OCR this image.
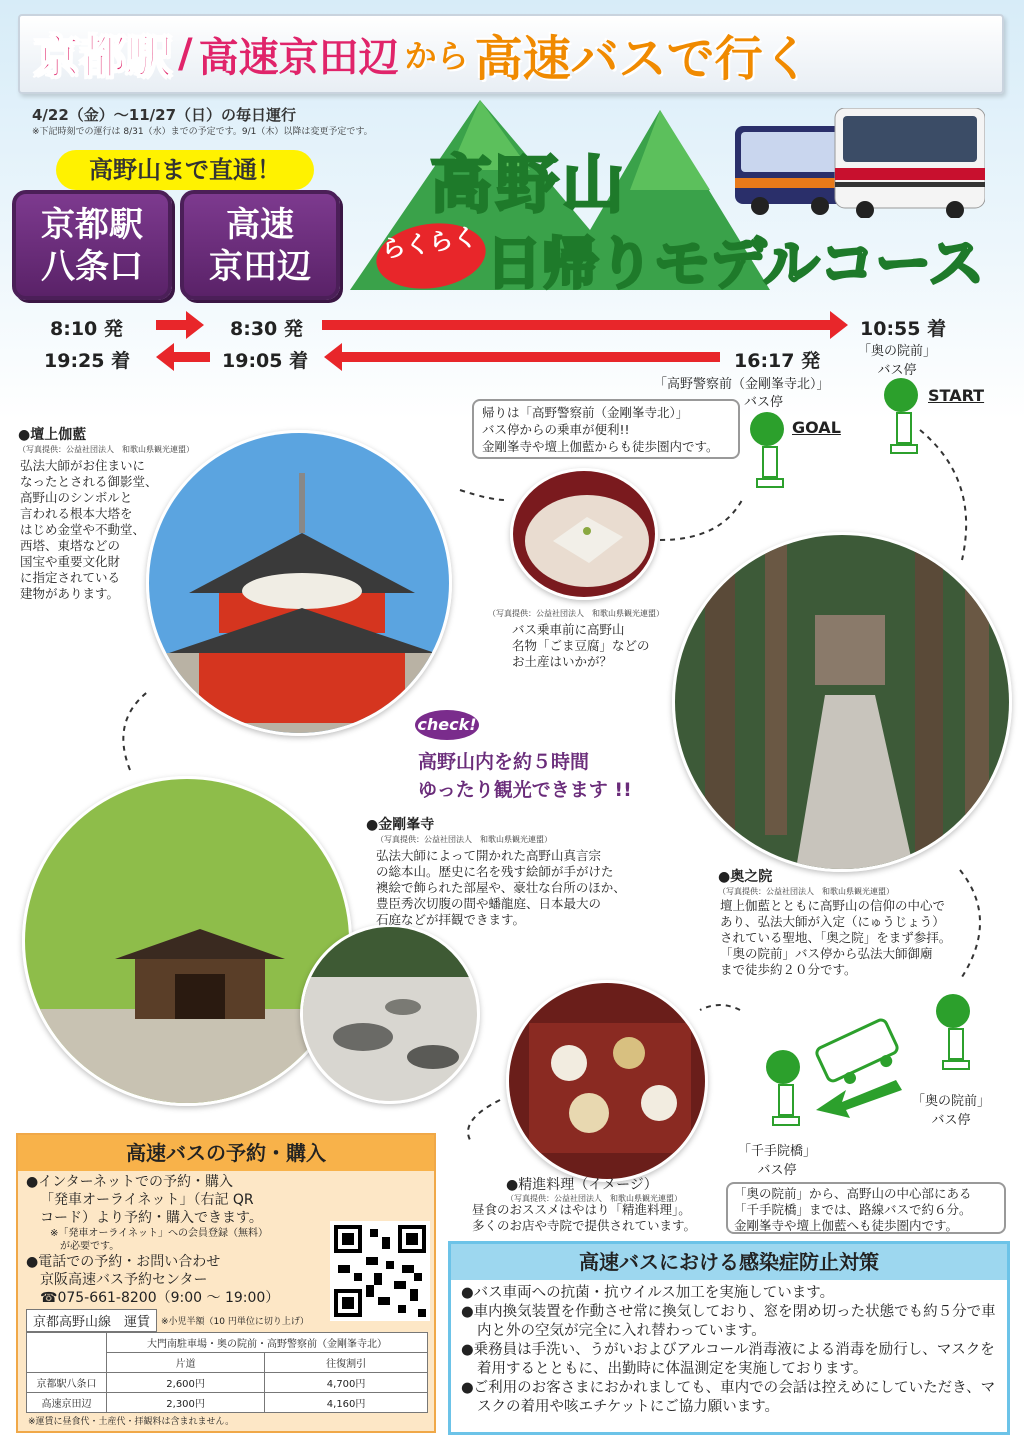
京都駅 / 高速京田辺 から 高速バスで行く
4/22（金）～11/27（日）の毎日運行
※下記時刻での運行は 8/31（水）までの予定です。9/1（木）以降は変更予定です。
高野山
らくらく 日帰りモデルコース
高野山まで直通！
京都駅
八条口
高速
京田辺
8:10 発	8:30 発	10:55 着
19:25 着	19:05 着	16:17 発	「奥の院前」
バス停
「高野警察前（金剛峯寺北）」
バス停	START
GOAL
帰りは「高野警察前（金剛峯寺北）」
バス停からの乗車が便利!!
金剛峯寺や壇上伽藍からも徒歩圏内です。
●壇上伽藍
（写真提供：公益社団法人　和歌山県観光連盟）
弘法大師がお住まいに
なったとされる御影堂、
高野山のシンボルと
言われる根本大塔を
はじめ金堂や不動堂、
西塔、東塔などの
国宝や重要文化財
に指定されている
建物があります。
（写真提供：公益社団法人　和歌山県観光連盟）
バス乗車前に高野山
名物「ごま豆腐」などの
お土産はいかが？
check!
高野山内を約５時間
ゆったり観光できます !!
●金剛峯寺
（写真提供：公益社団法人　和歌山県観光連盟）
弘法大師によって開かれた高野山真言宗
の総本山。歴史に名を残す絵師が手がけた
襖絵で飾られた部屋や、豪壮な台所のほか、
豊臣秀次切腹の間や蟠龍庭、日本最大の
石庭などが拝観できます。
●奥之院
（写真提供：公益社団法人　和歌山県観光連盟）
壇上伽藍とともに高野山の信仰の中心で
あり、弘法大師が入定（にゅうじょう）
されている聖地、「奥之院」をまず参拝。
「奥の院前」バス停から弘法大師御廟
まで徒歩約２０分です。
●精進料理（イメージ）
（写真提供：公益社団法人　和歌山県観光連盟）
昼食のおススメはやはり「精進料理」。
多くのお店や寺院で提供されています。
「奥の院前」
バス停
「千手院橋」
バス停
「奥の院前」から、高野山の中心部にある
「千手院橋」までは、路線バスで約６分。
金剛峯寺や壇上伽藍へも徒歩圏内です。
高速バスの予約・購入
●インターネットでの予約・購入
「発車オーライネット」（右記 QR
コード）より予約・購入できます。
※「発車オーライネット」への会員登録（無料）
が必要です。
●電話での予約・お問い合わせ
京阪高速バス予約センター
☎075-661-8200（9:00 ～ 19:00）
京都高野山線　運賃	※小児半額（10 円単位に切り上げ）
	大門南駐車場・奥の院前・高野警察前（金剛峯寺北）	
	片道	往復割引
京都駅八条口	2,600円	4,700円
高速京田辺	2,300円	4,160円
※運賃に昼食代・土産代・拝観料は含まれません。
高速バスにおける感染症防止対策
●バス車両への抗菌・抗ウイルス加工を実施しています。
●車内換気装置を作動させ常に換気しており、窓を閉め切った状態でも約５分で車内と外の空気が完全に入れ替わっています。
●乗務員は手洗い、うがいおよびアルコール消毒液による消毒を励行し、マスクを着用するとともに、出勤時に体温測定を実施しております。
●ご利用のお客さまにおかれましても、車内での会話は控えめにしていただき、マスクの着用や咳エチケットにご協力願います。
